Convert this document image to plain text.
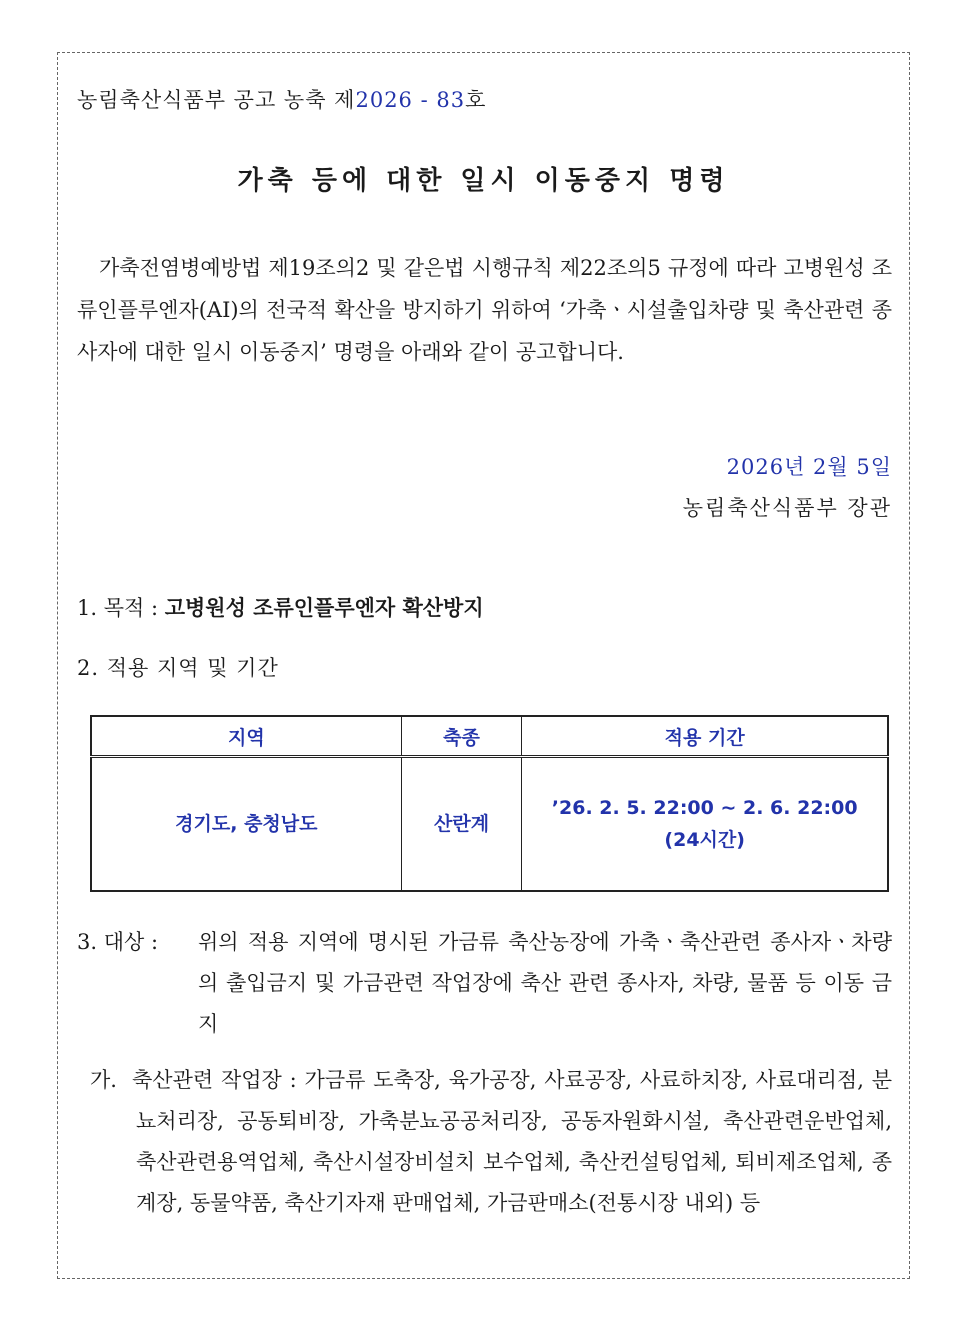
농림축산식품부 공고 농축 제2026 - 83호
가축 등에 대한 일시 이동중지 명령

가축전염병예방법 제19조의2 및 같은법 시행규칙 제22조의5 규정에 따라 고병원성 조류인플루엔자(AI)의 전국적 확산을 방지하기 위하여 ‘가축ㆍ시설출입차량 및 축산관련 종사자에 대한 일시 이동중지’ 명령을 아래와 같이 공고합니다.

2026년 2월 5일
농림축산식품부 장관
1. 목적 : 고병원성 조류인플루엔자 확산방지
2. 적용 지역 및 기간
지역	축종	적용 기간
경기도, 충청남도	산란계	’26. 2. 5. 22:00 ∼ 2. 6. 22:00
(24시간)
3. 대상 : 위의 적용 지역에 명시된 가금류 축산농장에 가축ㆍ축산관련 종사자ㆍ차량의 출입금지 및 가금관련 작업장에 축산 관련 종사자, 차량, 물품 등 이동 금지
가. 축산관련 작업장 : 가금류 도축장, 육가공장, 사료공장, 사료하치장, 사료대리점, 분뇨처리장, 공동퇴비장, 가축분뇨공공처리장, 공동자원화시설, 축산관련운반업체, 축산관련용역업체, 축산시설장비설치 보수업체, 축산컨설팅업체, 퇴비제조업체, 종계장, 동물약품, 축산기자재 판매업체, 가금판매소(전통시장 내외) 등
